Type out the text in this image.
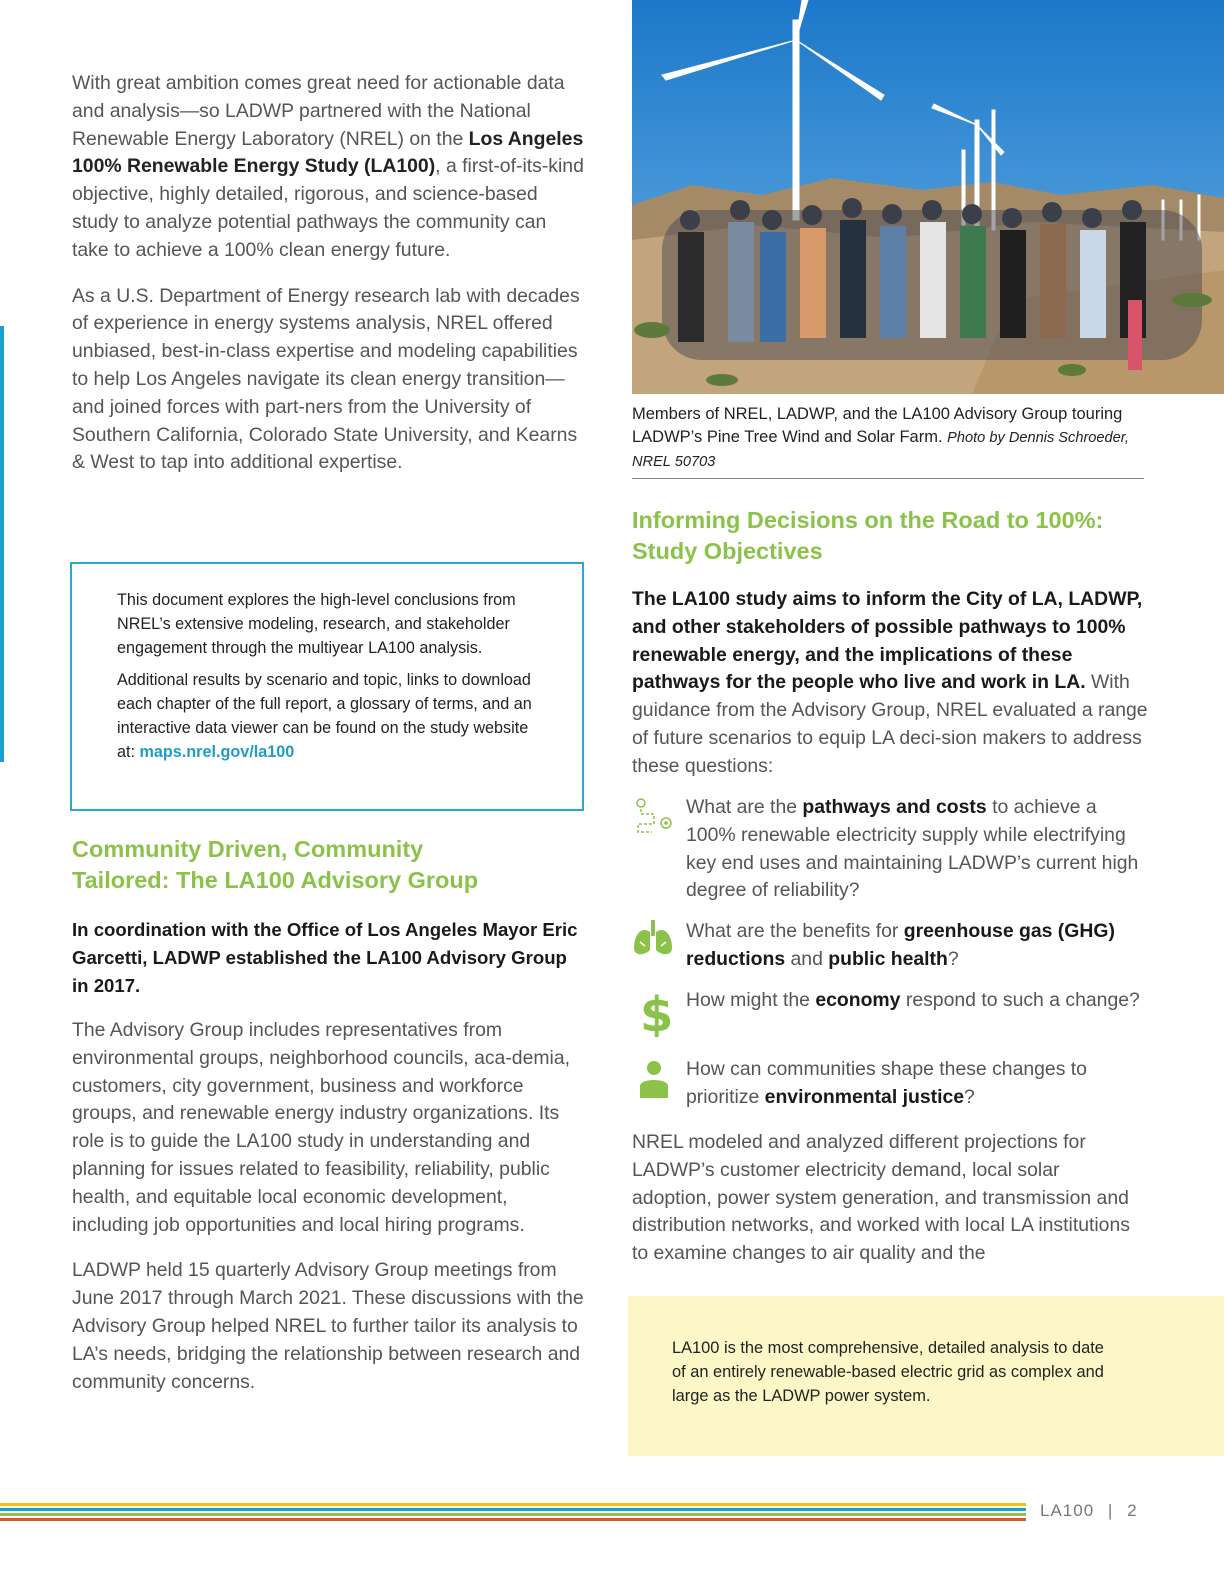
With great ambition comes great need for actionable data and analysis—so LADWP partnered with the National Renewable Energy Laboratory (NREL) on the Los Angeles 100% Renewable Energy Study (LA100), a first-of-its-kind objective, highly detailed, rigorous, and science-based study to analyze potential pathways the community can take to achieve a 100% clean energy future.

As a U.S. Department of Energy research lab with decades of experience in energy systems analysis, NREL offered unbiased, best-in-class expertise and modeling capabilities to help Los Angeles navigate its clean energy transition—and joined forces with part-ners from the University of Southern California, Colorado State University, and Kearns & West to tap into additional expertise.

This document explores the high-level conclusions from NREL’s extensive modeling, research, and stakeholder engagement through the multiyear LA100 analysis.

Additional results by scenario and topic, links to download each chapter of the full report, a glossary of terms, and an interactive data viewer can be found on the study website at: maps.nrel.gov/la100

Community Driven, Community
Tailored: The LA100 Advisory Group

In coordination with the Office of Los Angeles Mayor Eric Garcetti, LADWP established the LA100 Advisory Group in 2017.

The Advisory Group includes representatives from environmental groups, neighborhood councils, aca-demia, customers, city government, business and workforce groups, and renewable energy industry organizations. Its role is to guide the LA100 study in understanding and planning for issues related to feasibility, reliability, public health, and equitable local economic development, including job opportunities and local hiring programs.

LADWP held 15 quarterly Advisory Group meetings from June 2017 through March 2021. These discussions with the Advisory Group helped NREL to further tailor its analysis to LA’s needs, bridging the relationship between research and community concerns.

Members of NREL, LADWP, and the LA100 Advisory Group touring LADWP’s Pine Tree Wind and Solar Farm. Photo by Dennis Schroeder, NREL 50703

Informing Decisions on the Road to 100%:
Study Objectives

The LA100 study aims to inform the City of LA, LADWP, and other stakeholders of possible pathways to 100% renewable energy, and the implications of these pathways for the people who live and work in LA. With guidance from the Advisory Group, NREL evaluated a range of future scenarios to equip LA deci-sion makers to address these questions:

What are the pathways and costs to achieve a 100% renewable electricity supply while electrifying key end uses and maintaining LADWP’s current high degree of reliability?
What are the benefits for greenhouse gas (GHG) reductions and public health?
$ How might the economy respond to such a change?
How can communities shape these changes to prioritize environmental justice?

NREL modeled and analyzed different projections for LADWP’s customer electricity demand, local solar adoption, power system generation, and transmission and distribution networks, and worked with local LA institutions to examine changes to air quality and the

LA100 is the most comprehensive, detailed analysis to date of an entirely renewable-based electric grid as complex and large as the LADWP power system.

LA100 | 2
